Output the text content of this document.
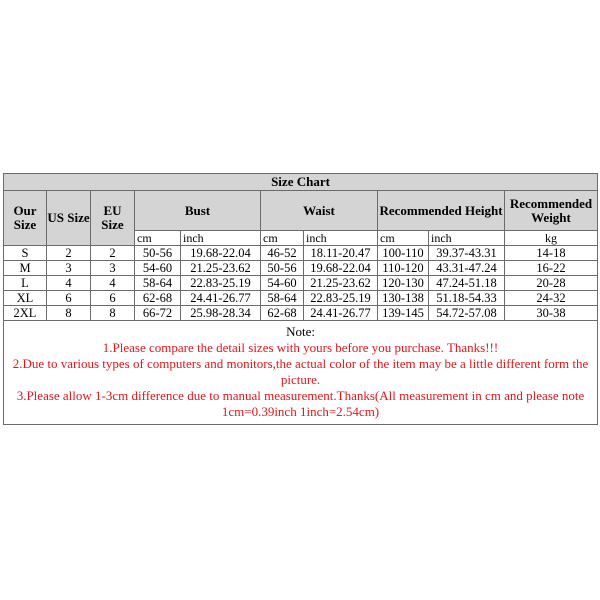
Size Chart									
Our Size	US Size	EU Size	Bust		Waist		Recommended Height		Recommended Weight
			cm	inch	cm	inch	cm	inch	kg
S	2	2	50-56	19.68-22.04	46-52	18.11-20.47	100-110	39.37-43.31	14-18
M	3	3	54-60	21.25-23.62	50-56	19.68-22.04	110-120	43.31-47.24	16-22
L	4	4	58-64	22.83-25.19	54-60	21.25-23.62	120-130	47.24-51.18	20-28
XL	6	6	62-68	24.41-26.77	58-64	22.83-25.19	130-138	51.18-54.33	24-32
2XL	8	8	66-72	25.98-28.34	62-68	24.41-26.77	139-145	54.72-57.08	30-38

Note:
1.Please compare the detail sizes with yours before you purchase. Thanks!!!
2.Due to various types of computers and monitors,the actual color of the item may be a little different form the picture.
3.Please allow 1-3cm difference due to manual measurement.Thanks(All measurement in cm and please note 1cm=0.39inch 1inch=2.54cm)									
